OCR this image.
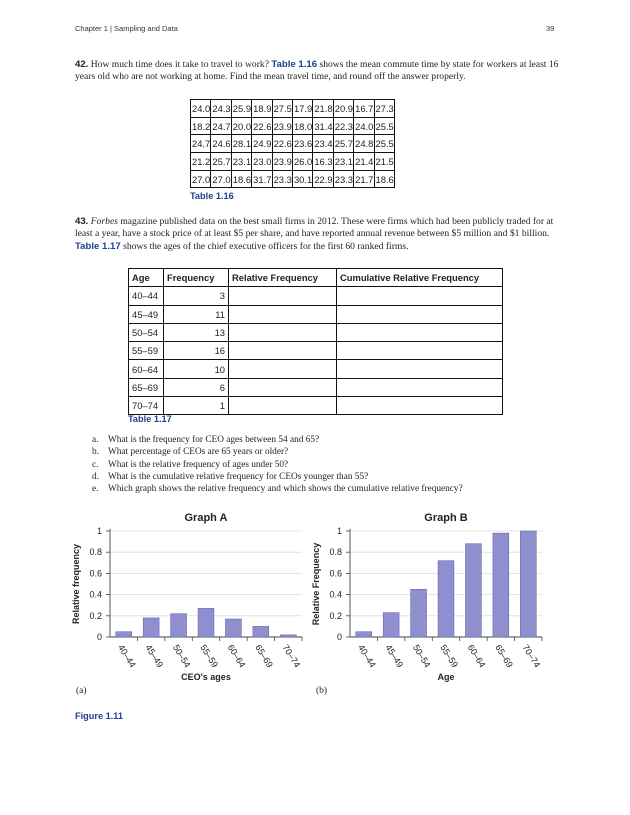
Chapter 1 | Sampling and Data	39
42. How much time does it take to travel to work? Table 1.16 shows the mean commute time by state for workers at least 16 years old who are not working at home. Find the mean travel time, and round off the answer properly.
24.0	24.3	25.9	18.9	27.5	17.9	21.8	20.9	16.7	27.3
18.2	24.7	20.0	22.6	23.9	18.0	31.4	22.3	24.0	25.5
24.7	24.6	28.1	24.9	22.6	23.6	23.4	25.7	24.8	25.5
21.2	25.7	23.1	23.0	23.9	26.0	16.3	23.1	21.4	21.5
27.0	27.0	18.6	31.7	23.3	30.1	22.9	23.3	21.7	18.6
Table 1.16
43. Forbes magazine published data on the best small firms in 2012. These were firms which had been publicly traded for at least a year, have a stock price of at least $5 per share, and have reported annual revenue between $5 million and $1 billion. Table 1.17 shows the ages of the chief executive officers for the first 60 ranked firms.
Age	Frequency	Relative Frequency	Cumulative Relative Frequency
40–44	3		
45–49	11		
50–54	13		
55–59	16		
60–64	10		
65–69	6		
70–74	1		
Table 1.17
a. What is the frequency for CEO ages between 54 and 65?
b. What percentage of CEOs are 65 years or older?
c. What is the relative frequency of ages under 50?
d. What is the cumulative relative frequency for CEOs younger than 55?
e. Which graph shows the relative frequency and which shows the cumulative relative frequency?
0
0.2
0.4
0.6
0.8
1
40–44 45–49 50–54 55–59 60–64 65–69 70–74
Graph A
Relative frequency
CEO's ages
0
0.2
0.4
0.6
0.8
1
40–44 45–49 50–54 55–59 60–64 65–69 70–74
Graph B
Relative Frequency
Age
(a)	(b)
Figure 1.11
